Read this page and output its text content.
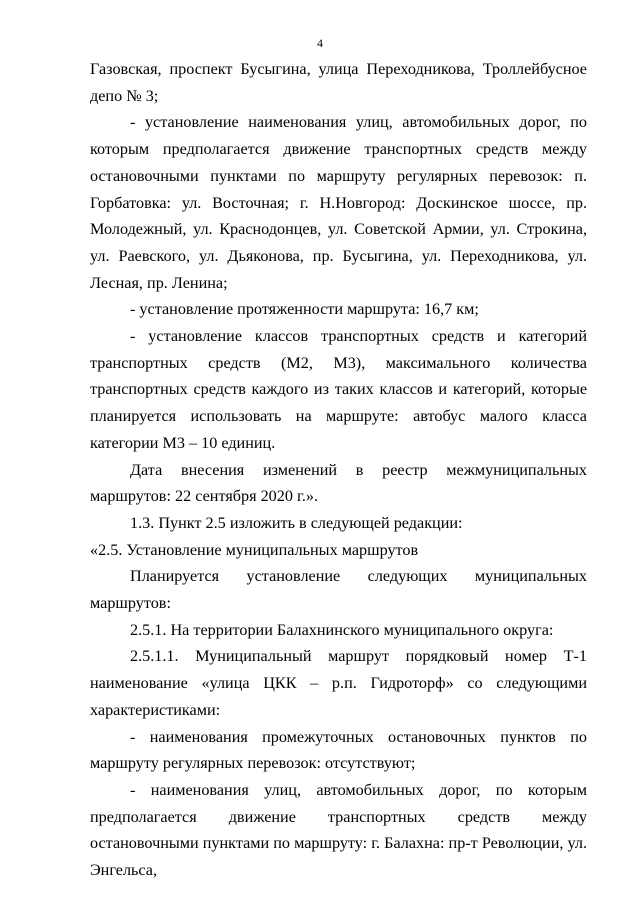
4

Газовская, проспект Бусыгина, улица Переходникова, Троллейбусное депо № 3;

- установление наименования улиц, автомобильных дорог, по которым предполагается движение транспортных средств между остановочными пунктами по маршруту регулярных перевозок: п. Горбатовка: ул. Восточная; г. Н.Новгород: Доскинское шоссе, пр. Молодежный, ул. Краснодонцев, ул. Советской Армии, ул. Строкина, ул. Раевского, ул. Дьяконова, пр. Бусыгина, ул. Переходникова, ул. Лесная, пр. Ленина;

- установление протяженности маршрута: 16,7 км;

- установление классов транспортных средств и категорий транспортных средств (М2, М3), максимального количества транспортных средств каждого из таких классов и категорий, которые планируется использовать на маршруте: автобус малого класса категории М3 – 10 единиц.

Дата внесения изменений в реестр межмуниципальных маршрутов: 22 сентября 2020 г.».

1.3. Пункт 2.5 изложить в следующей редакции:

«2.5. Установление муниципальных маршрутов

Планируется установление следующих муниципальных маршрутов:

2.5.1. На территории Балахнинского муниципального округа:

2.5.1.1. Муниципальный маршрут порядковый номер Т-1 наименование «улица ЦКК – р.п. Гидроторф» со следующими характеристиками:

- наименования промежуточных остановочных пунктов по маршруту регулярных перевозок: отсутствуют;

- наименования улиц, автомобильных дорог, по которым предполагается движение транспортных средств между остановочными пунктами по маршруту: г. Балахна: пр-т Революции, ул. Энгельса,
